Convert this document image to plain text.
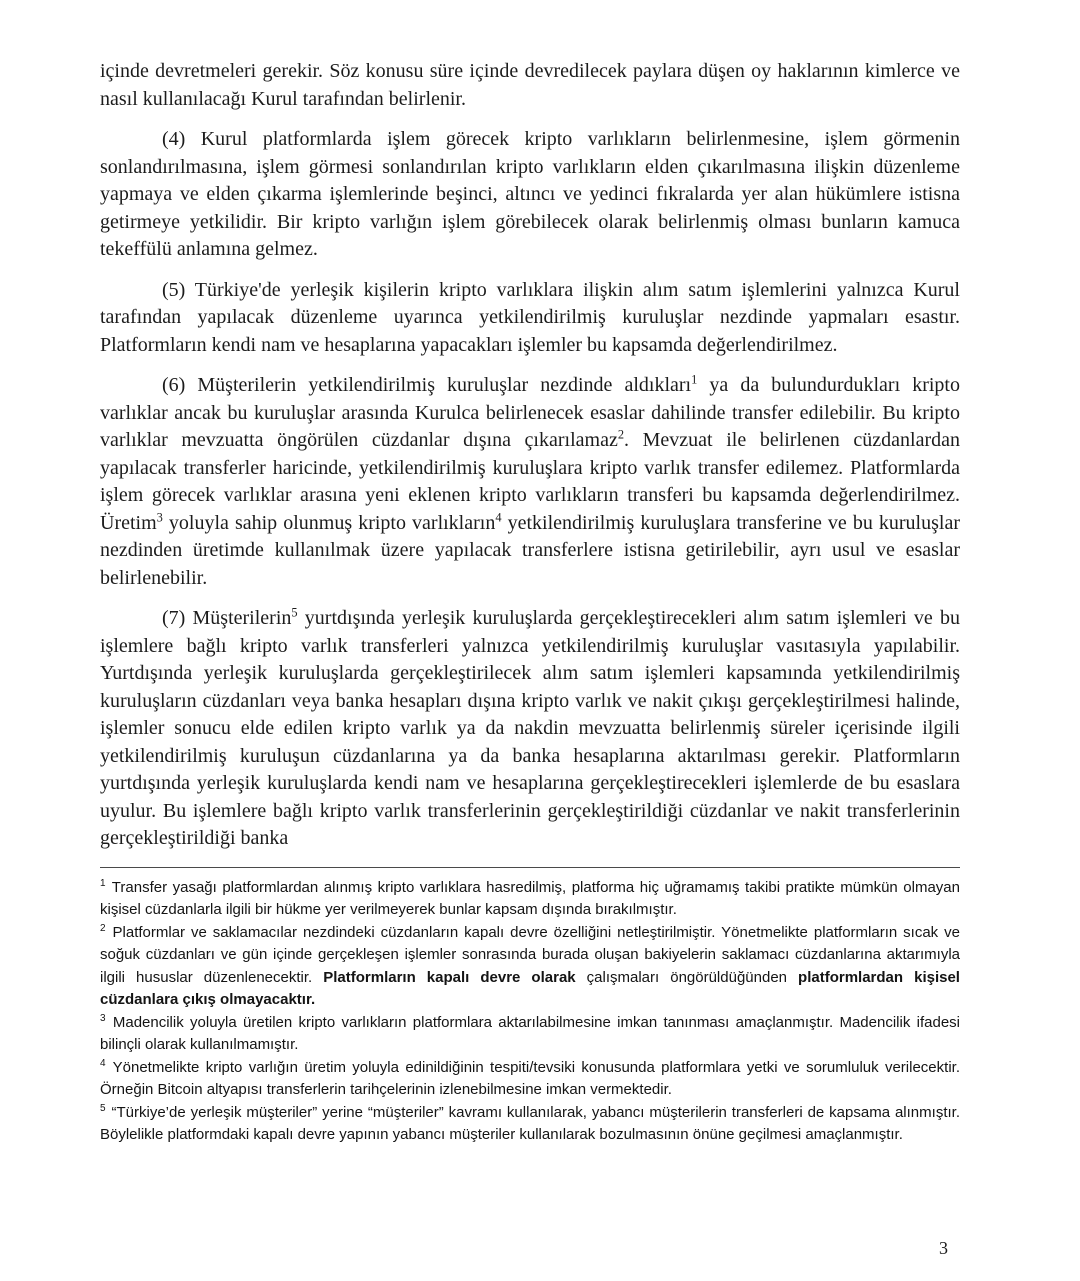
içinde devretmeleri gerekir. Söz konusu süre içinde devredilecek paylara düşen oy haklarının kimlerce ve nasıl kullanılacağı Kurul tarafından belirlenir.

(4) Kurul platformlarda işlem görecek kripto varlıkların belirlenmesine, işlem görmenin sonlandırılmasına, işlem görmesi sonlandırılan kripto varlıkların elden çıkarılmasına ilişkin düzenleme yapmaya ve elden çıkarma işlemlerinde beşinci, altıncı ve yedinci fıkralarda yer alan hükümlere istisna getirmeye yetkilidir. Bir kripto varlığın işlem görebilecek olarak belirlenmiş olması bunların kamuca tekeffülü anlamına gelmez.

(5) Türkiye'de yerleşik kişilerin kripto varlıklara ilişkin alım satım işlemlerini yalnızca Kurul tarafından yapılacak düzenleme uyarınca yetkilendirilmiş kuruluşlar nezdinde yapmaları esastır. Platformların kendi nam ve hesaplarına yapacakları işlemler bu kapsamda değerlendirilmez.

(6) Müşterilerin yetkilendirilmiş kuruluşlar nezdinde aldıkları$^1$ ya da bulundurdukları kripto varlıklar ancak bu kuruluşlar arasında Kurulca belirlenecek esaslar dahilinde transfer edilebilir. Bu kripto varlıklar mevzuatta öngörülen cüzdanlar dışına çıkarılamaz$^2$. Mevzuat ile belirlenen cüzdanlardan yapılacak transferler haricinde, yetkilendirilmiş kuruluşlara kripto varlık transfer edilemez. Platformlarda işlem görecek varlıklar arasına yeni eklenen kripto varlıkların transferi bu kapsamda değerlendirilmez. Üretim$^3$ yoluyla sahip olunmuş kripto varlıkların$^4$ yetkilendirilmiş kuruluşlara transferine ve bu kuruluşlar nezdinden üretimde kullanılmak üzere yapılacak transferlere istisna getirilebilir, ayrı usul ve esaslar belirlenebilir.

(7) Müşterilerin$^5$ yurtdışında yerleşik kuruluşlarda gerçekleştirecekleri alım satım işlemleri ve bu işlemlere bağlı kripto varlık transferleri yalnızca yetkilendirilmiş kuruluşlar vasıtasıyla yapılabilir. Yurtdışında yerleşik kuruluşlarda gerçekleştirilecek alım satım işlemleri kapsamında yetkilendirilmiş kuruluşların cüzdanları veya banka hesapları dışına kripto varlık ve nakit çıkışı gerçekleştirilmesi halinde, işlemler sonucu elde edilen kripto varlık ya da nakdin mevzuatta belirlenmiş süreler içerisinde ilgili yetkilendirilmiş kuruluşun cüzdanlarına ya da banka hesaplarına aktarılması gerekir. Platformların yurtdışında yerleşik kuruluşlarda kendi nam ve hesaplarına gerçekleştirecekleri işlemlerde de bu esaslara uyulur. Bu işlemlere bağlı kripto varlık transferlerinin gerçekleştirildiği cüzdanlar ve nakit transferlerinin gerçekleştirildiği banka

$^1$ Transfer yasağı platformlardan alınmış kripto varlıklara hasredilmiş, platforma hiç uğramamış takibi pratikte mümkün olmayan kişisel cüzdanlarla ilgili bir hükme yer verilmeyerek bunlar kapsam dışında bırakılmıştır.
$^2$ Platformlar ve saklamacılar nezdindeki cüzdanların kapalı devre özelliğini netleştirilmiştir. Yönetmelikte platformların sıcak ve soğuk cüzdanları ve gün içinde gerçekleşen işlemler sonrasında burada oluşan bakiyelerin saklamacı cüzdanlarına aktarımıyla ilgili hususlar düzenlenecektir. Platformların kapalı devre olarak çalışmaları öngörüldüğünden platformlardan kişisel cüzdanlara çıkış olmayacaktır.
$^3$ Madencilik yoluyla üretilen kripto varlıkların platformlara aktarılabilmesine imkan tanınması amaçlanmıştır. Madencilik ifadesi bilinçli olarak kullanılmamıştır.
$^4$ Yönetmelikte kripto varlığın üretim yoluyla edinildiğinin tespiti/tevsiki konusunda platformlara yetki ve sorumluluk verilecektir. Örneğin Bitcoin altyapısı transferlerin tarihçelerinin izlenebilmesine imkan vermektedir.
$^5$ “Türkiye’de yerleşik müşteriler” yerine “müşteriler” kavramı kullanılarak, yabancı müşterilerin transferleri de kapsama alınmıştır. Böylelikle platformdaki kapalı devre yapının yabancı müşteriler kullanılarak bozulmasının önüne geçilmesi amaçlanmıştır.
3
